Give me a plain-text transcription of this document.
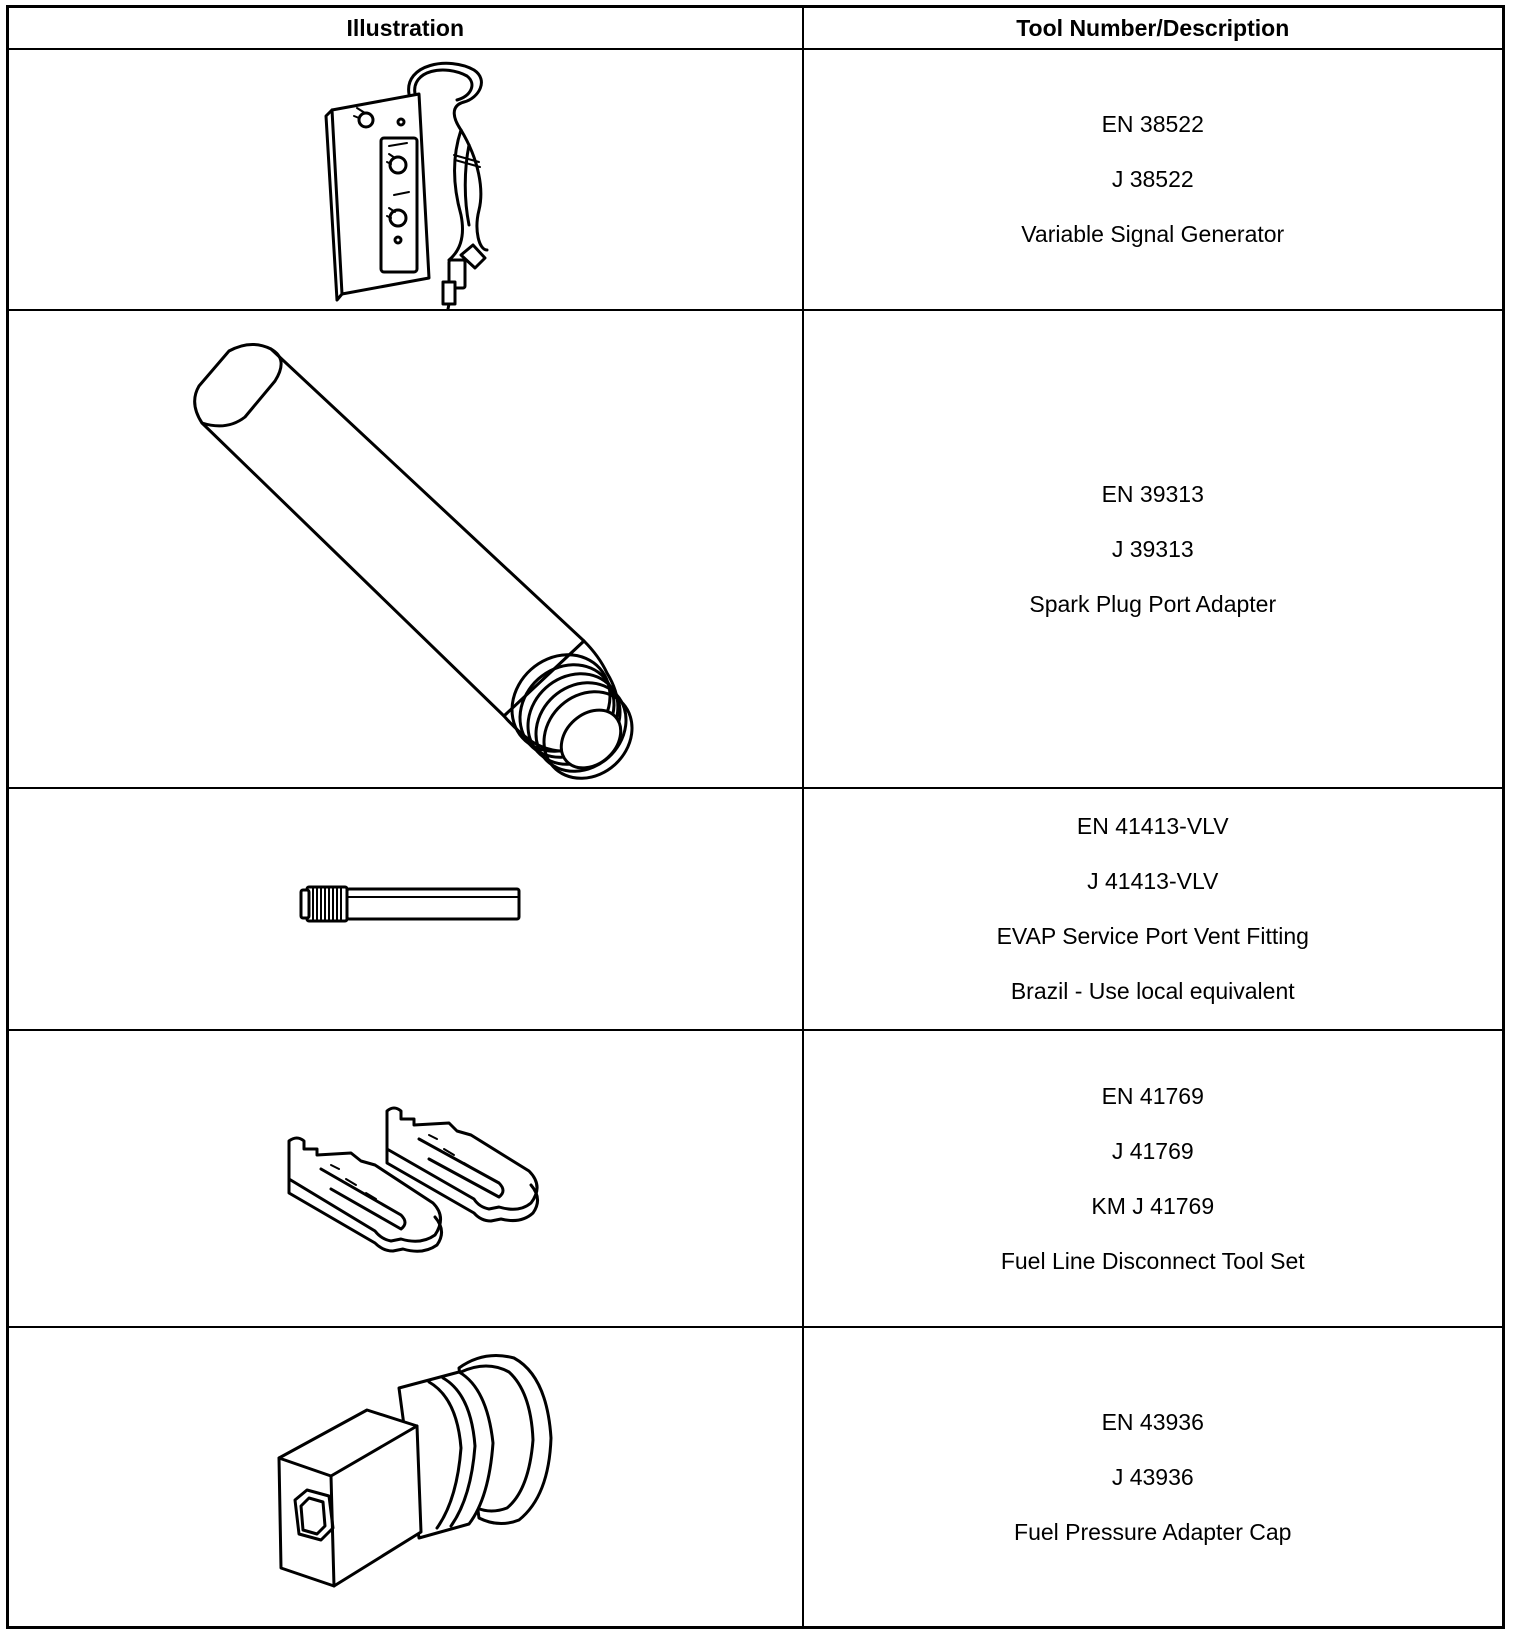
Illustration	Tool Number/Description

EN 38522
J 38522
Variable Signal Generator

EN 39313
J 39313
Spark Plug Port Adapter

EN 41413-VLV
J 41413-VLV
EVAP Service Port Vent Fitting
Brazil - Use local equivalent

EN 41769
J 41769
KM J 41769
Fuel Line Disconnect Tool Set

EN 43936
J 43936
Fuel Pressure Adapter Cap
